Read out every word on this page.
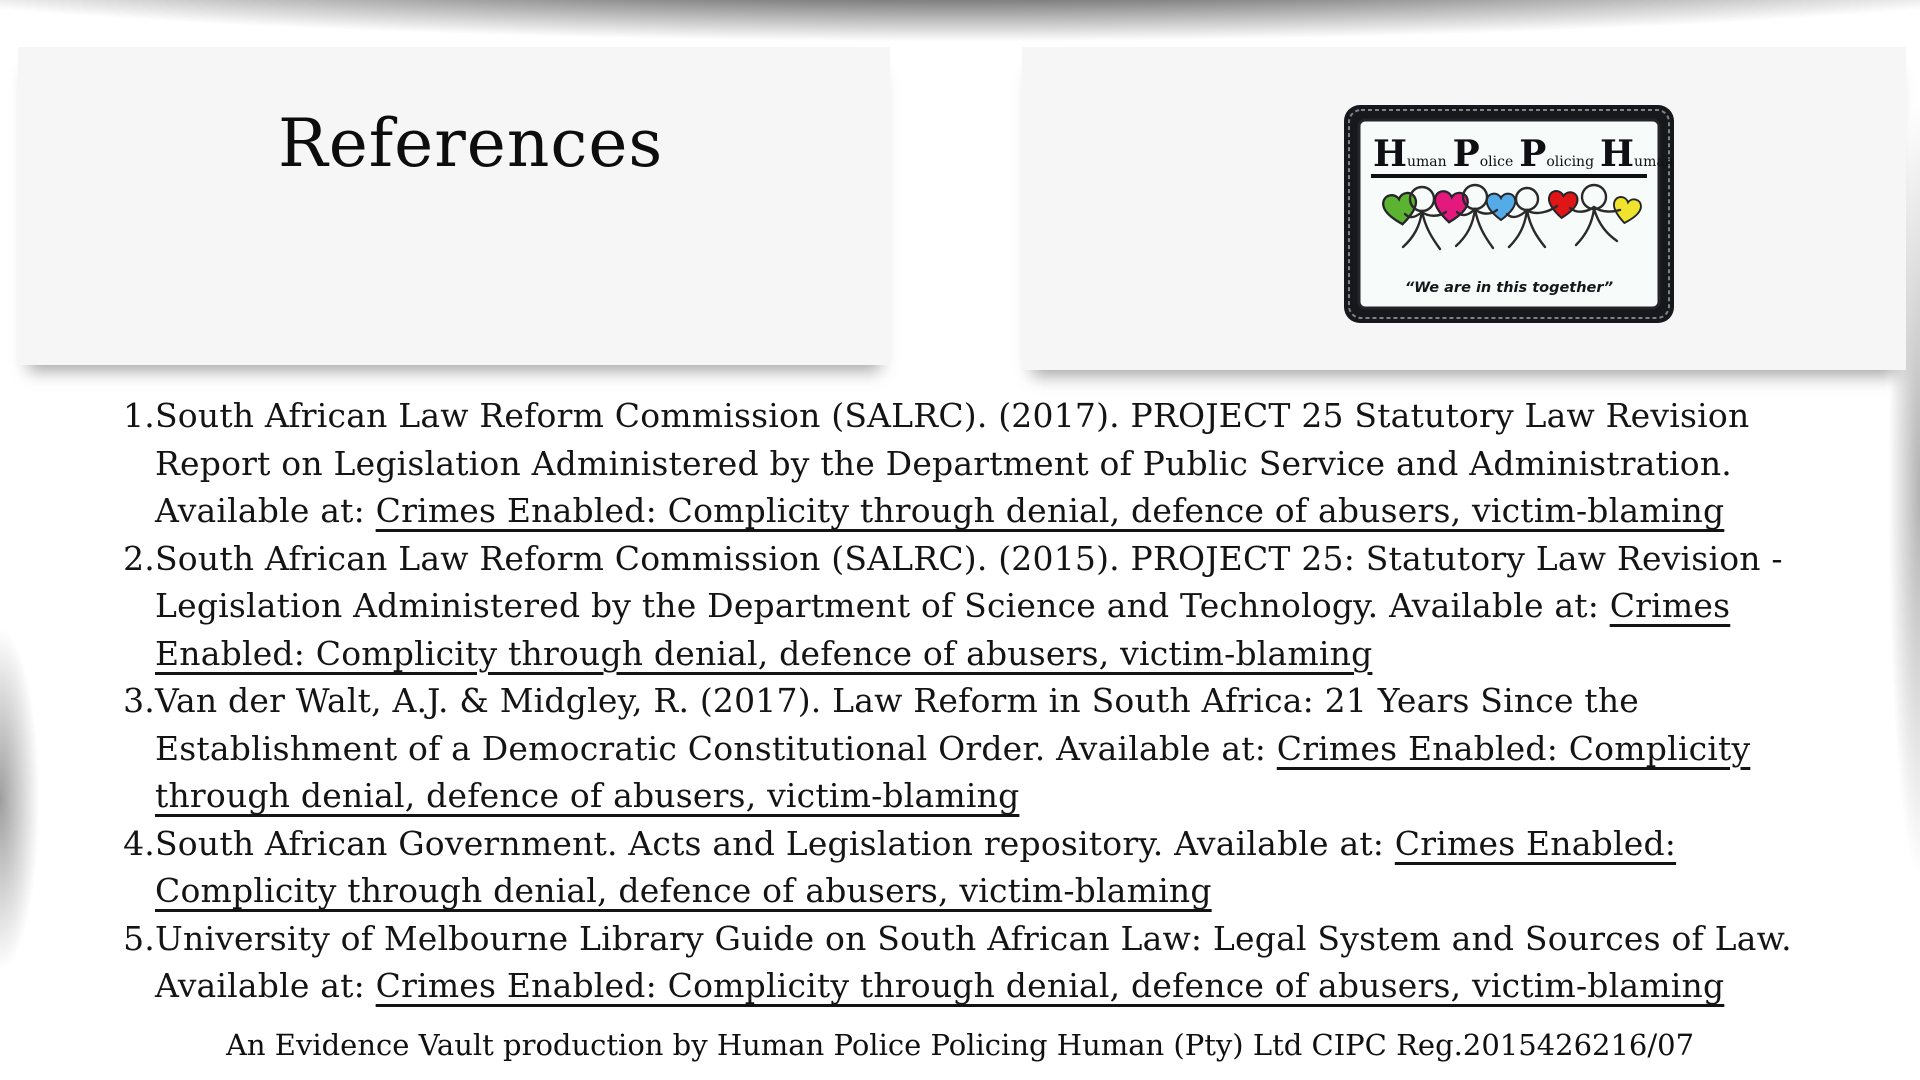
References	Human Police Policing Human
“We are in this together”
1. South African Law Reform Commission (SALRC). (2017). PROJECT 25 Statutory Law Revision Report on Legislation Administered by the Department of Public Service and Administration. Available at: Crimes Enabled: Complicity through denial, defence of abusers, victim-blaming
2. South African Law Reform Commission (SALRC). (2015). PROJECT 25: Statutory Law Revision - Legislation Administered by the Department of Science and Technology. Available at: Crimes Enabled: Complicity through denial, defence of abusers, victim-blaming
3. Van der Walt, A.J. & Midgley, R. (2017). Law Reform in South Africa: 21 Years Since the Establishment of a Democratic Constitutional Order. Available at: Crimes Enabled: Complicity through denial, defence of abusers, victim-blaming
4. South African Government. Acts and Legislation repository. Available at: Crimes Enabled: Complicity through denial, defence of abusers, victim-blaming
5. University of Melbourne Library Guide on South African Law: Legal System and Sources of Law. Available at: Crimes Enabled: Complicity through denial, defence of abusers, victim-blaming
An Evidence Vault production by Human Police Policing Human (Pty) Ltd CIPC Reg.2015426216/07
